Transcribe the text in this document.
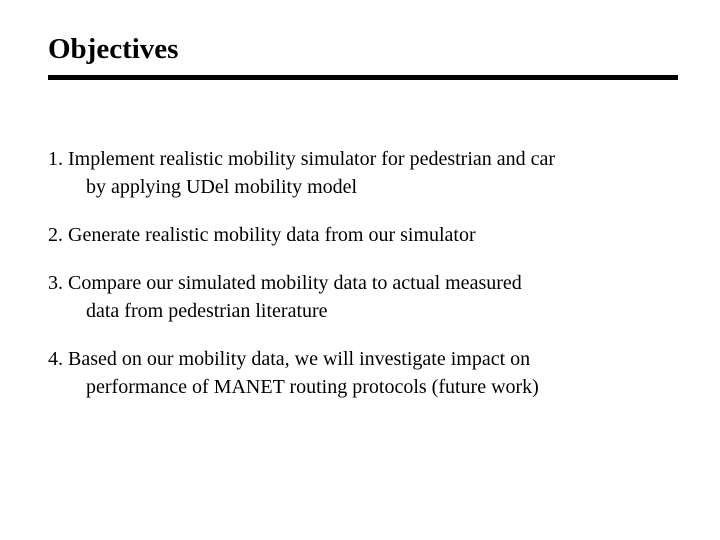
Objectives
1. Implement realistic mobility simulator for pedestrian and car
by applying UDel mobility model
2. Generate realistic mobility data from our simulator
3. Compare our simulated mobility data to actual measured
data from pedestrian literature
4. Based on our mobility data, we will investigate impact on
performance of MANET routing protocols (future work)
